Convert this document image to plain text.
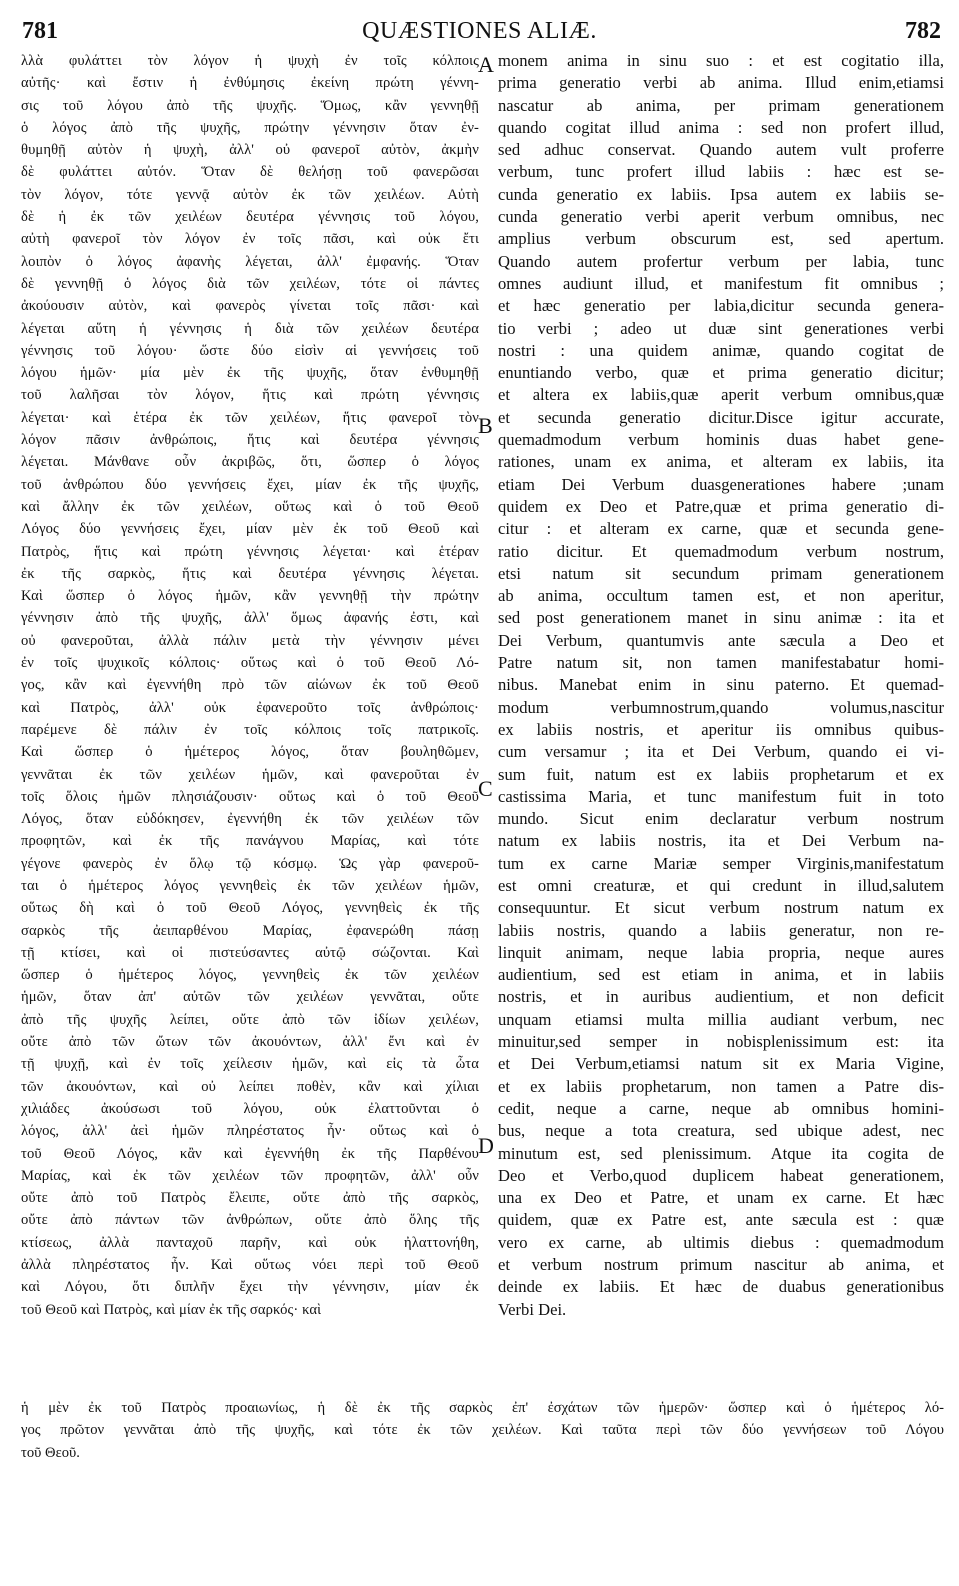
781	QUÆSTIONES ALIÆ.	782
λλὰ φυλάττει τὸν λόγον ἡ ψυχὴ ἐν τοῖς κόλποις
αὐτῆς· καὶ ἔστιν ἡ ἐνθύμησις ἐκείνη πρώτη γέννη-
σις τοῦ λόγου ἀπὸ τῆς ψυχῆς. Ὅμως, κἂν γεννηθῇ
ὁ λόγος ἀπὸ τῆς ψυχῆς, πρώτην γέννησιν ὅταν ἐν-
θυμηθῇ αὐτὸν ἡ ψυχὴ, ἀλλ' οὐ φανεροῖ αὐτὸν, ἀκμὴν
δὲ φυλάττει αὐτόν. Ὅταν δὲ θελήσῃ τοῦ φανερῶσαι
τὸν λόγον, τότε γεννᾷ αὐτὸν ἐκ τῶν χειλέων. Αὐτὴ
δὲ ἡ ἐκ τῶν χειλέων δευτέρα γέννησις τοῦ λόγου,
αὐτὴ φανεροῖ τὸν λόγον ἐν τοῖς πᾶσι, καὶ οὐκ ἔτι
λοιπὸν ὁ λόγος ἀφανὴς λέγεται, ἀλλ' ἐμφανής. Ὅταν
δὲ γεννηθῇ ὁ λόγος διὰ τῶν χειλέων, τότε οἱ πάντες
ἀκούουσιν αὐτὸν, καὶ φανερὸς γίνεται τοῖς πᾶσι· καὶ
λέγεται αὕτη ἡ γέννησις ἡ διὰ τῶν χειλέων δευτέρα
γέννησις τοῦ λόγου· ὥστε δύο εἰσὶν αἱ γεννήσεις τοῦ
λόγου ἡμῶν· μία μὲν ἐκ τῆς ψυχῆς, ὅταν ἐνθυμηθῇ
τοῦ λαλῆσαι τὸν λόγον, ἥτις καὶ πρώτη γέννησις
λέγεται· καὶ ἑτέρα ἐκ τῶν χειλέων, ἥτις φανεροῖ τὸν
λόγον πᾶσιν ἀνθρώποις, ἥτις καὶ δευτέρα γέννησις
λέγεται. Μάνθανε οὖν ἀκριβῶς, ὅτι, ὥσπερ ὁ λόγος
τοῦ ἀνθρώπου δύο γεννήσεις ἔχει, μίαν ἐκ τῆς ψυχῆς,
καὶ ἄλλην ἐκ τῶν χειλέων, οὕτως καὶ ὁ τοῦ Θεοῦ
Λόγος δύο γεννήσεις ἔχει, μίαν μὲν ἐκ τοῦ Θεοῦ καὶ
Πατρὸς, ἥτις καὶ πρώτη γέννησις λέγεται· καὶ ἑτέραν
ἐκ τῆς σαρκὸς, ἥτις καὶ δευτέρα γέννησις λέγεται.
Καὶ ὥσπερ ὁ λόγος ἡμῶν, κἂν γεννηθῇ τὴν πρώτην
γέννησιν ἀπὸ τῆς ψυχῆς, ἀλλ' ὅμως ἀφανής ἐστι, καὶ
οὐ φανεροῦται, ἀλλὰ πάλιν μετὰ τὴν γέννησιν μένει
ἐν τοῖς ψυχικοῖς κόλποις· οὕτως καὶ ὁ τοῦ Θεοῦ Λό-
γος, κἂν καὶ ἐγεννήθη πρὸ τῶν αἰώνων ἐκ τοῦ Θεοῦ
καὶ Πατρὸς, ἀλλ' οὐκ ἐφανεροῦτο τοῖς ἀνθρώποις·
παρέμενε δὲ πάλιν ἐν τοῖς κόλποις τοῖς πατρικοῖς.
Καὶ ὥσπερ ὁ ἡμέτερος λόγος, ὅταν βουληθῶμεν,
γεννᾶται ἐκ τῶν χειλέων ἡμῶν, καὶ φανεροῦται ἐν
τοῖς ὅλοις ἡμῶν πλησιάζουσιν· οὕτως καὶ ὁ τοῦ Θεοῦ
Λόγος, ὅταν εὐδόκησεν, ἐγεννήθη ἐκ τῶν χειλέων τῶν
προφητῶν, καὶ ἐκ τῆς πανάγνου Μαρίας, καὶ τότε
γέγονε φανερὸς ἐν ὅλῳ τῷ κόσμῳ. Ὡς γὰρ φανεροῦ-
ται ὁ ἡμέτερος λόγος γεννηθεὶς ἐκ τῶν χειλέων ἡμῶν,
οὕτως δὴ καὶ ὁ τοῦ Θεοῦ Λόγος, γεννηθεὶς ἐκ τῆς
σαρκὸς τῆς ἀειπαρθένου Μαρίας, ἐφανερώθη πάσῃ
τῇ κτίσει, καὶ οἱ πιστεύσαντες αὐτῷ σώζονται. Καὶ
ὥσπερ ὁ ἡμέτερος λόγος, γεννηθεὶς ἐκ τῶν χειλέων
ἡμῶν, ὅταν ἀπ' αὐτῶν τῶν χειλέων γεννᾶται, οὔτε
ἀπὸ τῆς ψυχῆς λείπει, οὔτε ἀπὸ τῶν ἰδίων χειλέων,
οὔτε ἀπὸ τῶν ὤτων τῶν ἀκουόντων, ἀλλ' ἔνι καὶ ἐν
τῇ ψυχῇ, καὶ ἐν τοῖς χείλεσιν ἡμῶν, καὶ εἰς τὰ ὦτα
τῶν ἀκουόντων, καὶ οὐ λείπει ποθὲν, κἂν καὶ χίλιαι
χιλιάδες ἀκούσωσι τοῦ λόγου, οὐκ ἐλαττοῦνται ὁ
λόγος, ἀλλ' ἀεὶ ἡμῶν πληρέστατος ἦν· οὕτως καὶ ὁ
τοῦ Θεοῦ Λόγος, κἂν καὶ ἐγεννήθη ἐκ τῆς Παρθένου
Μαρίας, καὶ ἐκ τῶν χειλέων τῶν προφητῶν, ἀλλ' οὖν
οὔτε ἀπὸ τοῦ Πατρὸς ἔλειπε, οὔτε ἀπὸ τῆς σαρκὸς,
οὔτε ἀπὸ πάντων τῶν ἀνθρώπων, οὔτε ἀπὸ ὅλης τῆς
κτίσεως, ἀλλὰ πανταχοῦ παρῆν, καὶ οὐκ ἠλαττονήθη,
ἀλλὰ πληρέστατος ἦν. Καὶ οὕτως νόει περὶ τοῦ Θεοῦ
καὶ Λόγου, ὅτι διπλῆν ἔχει τὴν γέννησιν, μίαν ἐκ
τοῦ Θεοῦ καὶ Πατρὸς, καὶ μίαν ἐκ τῆς σαρκός· καὶ
A
B
C
D
monem anima in sinu suo : et est cogitatio illa,
prima generatio verbi ab anima. Illud enim,etiamsi
nascatur ab anima, per primam generationem
quando cogitat illud anima : sed non profert illud,
sed adhuc conservat. Quando autem vult proferre
verbum, tunc profert illud labiis : hæc est se-
cunda generatio ex labiis. Ipsa autem ex labiis se-
cunda generatio verbi aperit verbum omnibus, nec
amplius verbum obscurum est, sed apertum.
Quando autem profertur verbum per labia, tunc
omnes audiunt illud, et manifestum fit omnibus ;
et hæc generatio per labia,dicitur secunda genera-
tio verbi ; adeo ut duæ sint generationes verbi
nostri : una quidem animæ, quando cogitat de
enuntiando verbo, quæ et prima generatio dicitur;
et altera ex labiis,quæ aperit verbum omnibus,quæ
et secunda generatio dicitur.Disce igitur accurate,
quemadmodum verbum hominis duas habet gene-
rationes, unam ex anima, et alteram ex labiis, ita
etiam Dei Verbum duasgenerationes habere ;unam
quidem ex Deo et Patre,quæ et prima generatio di-
citur : et alteram ex carne, quæ et secunda gene-
ratio dicitur. Et quemadmodum verbum nostrum,
etsi natum sit secundum primam generationem
ab anima, occultum tamen est, et non aperitur,
sed post generationem manet in sinu animæ : ita et
Dei Verbum, quantumvis ante sæcula a Deo et
Patre natum sit, non tamen manifestabatur homi-
nibus. Manebat enim in sinu paterno. Et quemad-
modum verbumnostrum,quando volumus,nascitur
ex labiis nostris, et aperitur iis omnibus quibus-
cum versamur ; ita et Dei Verbum, quando ei vi-
sum fuit, natum est ex labiis prophetarum et ex
castissima Maria, et tunc manifestum fuit in toto
mundo. Sicut enim declaratur verbum nostrum
natum ex labiis nostris, ita et Dei Verbum na-
tum ex carne Mariæ semper Virginis,manifestatum
est omni creaturæ, et qui credunt in illud,salutem
consequuntur. Et sicut verbum nostrum natum ex
labiis nostris, quando a labiis generatur, non re-
linquit animam, neque labia propria, neque aures
audientium, sed est etiam in anima, et in labiis
nostris, et in auribus audientium, et non deficit
unquam etiamsi multa millia audiant verbum, nec
minuitur,sed semper in nobisplenissimum est: ita
et Dei Verbum,etiamsi natum sit ex Maria Vigine,
et ex labiis prophetarum, non tamen a Patre dis-
cedit, neque a carne, neque ab omnibus homini-
bus, neque a tota creatura, sed ubique adest, nec
minutum est, sed plenissimum. Atque ita cogita de
Deo et Verbo,quod duplicem habeat generationem,
una ex Deo et Patre, et unam ex carne. Et hæc
quidem, quæ ex Patre est, ante sæcula est : quæ
vero ex carne, ab ultimis diebus : quemadmodum
et verbum nostrum primum nascitur ab anima, et
deinde ex labiis. Et hæc de duabus generationibus
Verbi Dei.
ἡ μὲν ἐκ τοῦ Πατρὸς προαιωνίως, ἡ δὲ ἐκ τῆς σαρκὸς ἐπ' ἐσχάτων τῶν ἡμερῶν· ὥσπερ καὶ ὁ ἡμέτερος λό-
γος πρῶτον γεννᾶται ἀπὸ τῆς ψυχῆς, καὶ τότε ἐκ τῶν χειλέων. Καὶ ταῦτα περὶ τῶν δύο γεννήσεων τοῦ Λόγου
τοῦ Θεοῦ.
